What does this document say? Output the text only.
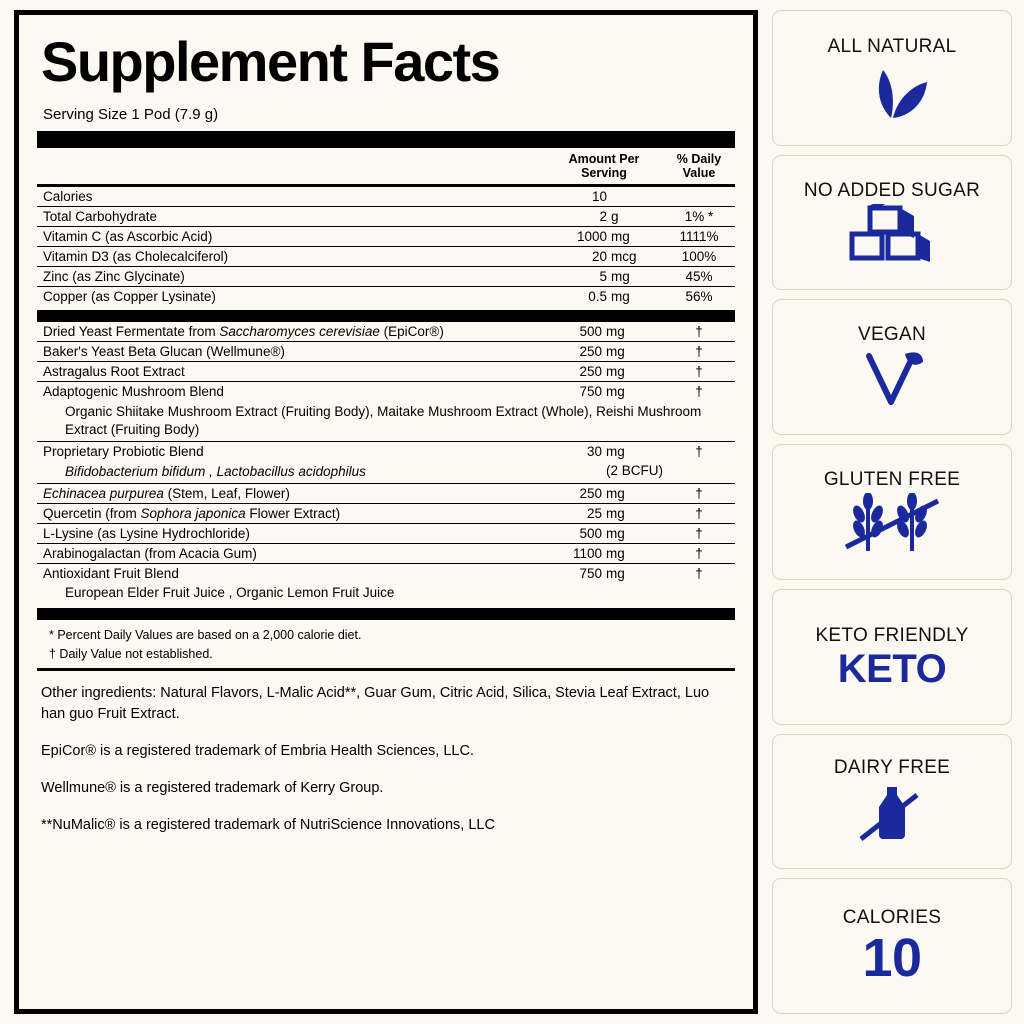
Supplement Facts
Serving Size 1 Pod (7.9 g)
Amount Per
Serving
% Daily
Value
Calories	10		
Total Carbohydrate	2	g	1% *
Vitamin C (as Ascorbic Acid)	1000	mg	1111%
Vitamin D3 (as Cholecalciferol)	20	mcg	100%
Zinc (as Zinc Glycinate)	5	mg	45%
Copper (as Copper Lysinate)	0.5	mg	56%
Dried Yeast Fermentate from Saccharomyces cerevisiae (EpiCor®)	500	mg	†
Baker's Yeast Beta Glucan (Wellmune®)	250	mg	†
Astragalus Root Extract	250	mg	†
Adaptogenic Mushroom Blend	750	mg	†
Organic Shiitake Mushroom Extract (Fruiting Body), Maitake Mushroom Extract (Whole), Reishi Mushroom Extract (Fruiting Body)			
Proprietary Probiotic Blend	30	mg	†
Bifidobacterium bifidum , Lactobacillus acidophilus		(2 BCFU)	
Echinacea purpurea (Stem, Leaf, Flower)	250	mg	†
Quercetin (from Sophora japonica Flower Extract)	25	mg	†
L-Lysine (as Lysine Hydrochloride)	500	mg	†
Arabinogalactan (from Acacia Gum)	1100	mg	†
Antioxidant Fruit Blend	750	mg	†
European Elder Fruit Juice , Organic Lemon Fruit Juice			
* Percent Daily Values are based on a 2,000 calorie diet.
† Daily Value not established.

Other ingredients: Natural Flavors, L-Malic Acid**, Guar Gum, Citric Acid, Silica, Stevia Leaf Extract, Luo han guo Fruit Extract.

EpiCor® is a registered trademark of Embria Health Sciences, LLC.

Wellmune® is a registered trademark of Kerry Group.

**NuMalic® is a registered trademark of NutriScience Innovations, LLC

ALL NATURAL
NO ADDED SUGAR
VEGAN
GLUTEN FREE
KETO FRIENDLY
KETO
DAIRY FREE
CALORIES
10
